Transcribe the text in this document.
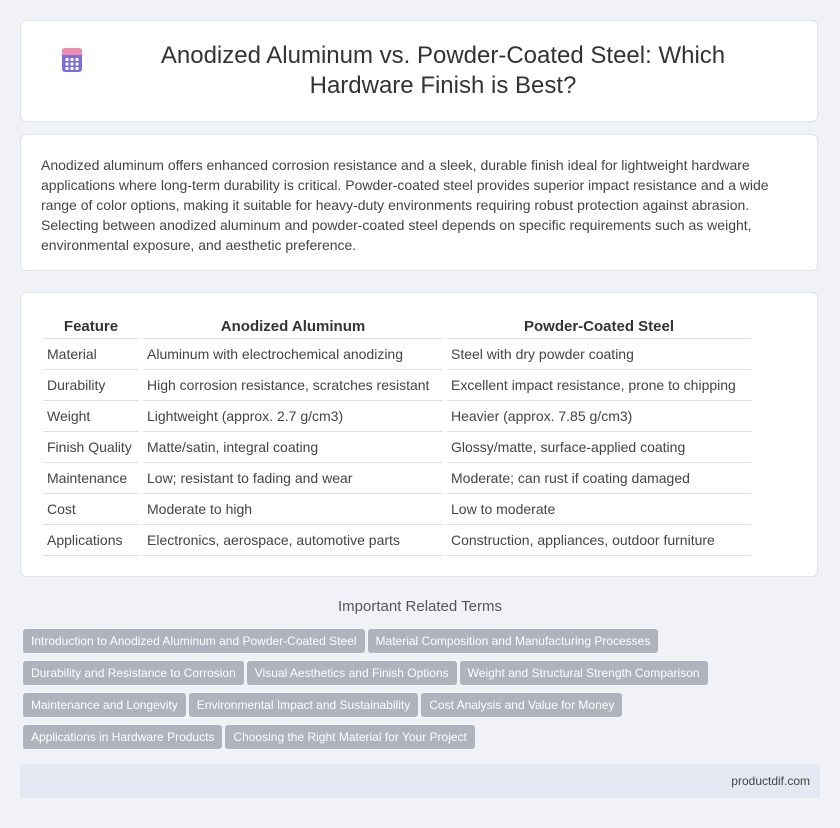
Anodized Aluminum vs. Powder-Coated Steel: Which Hardware Finish is Best?

Anodized aluminum offers enhanced corrosion resistance and a sleek, durable finish ideal for lightweight hardware applications where long-term durability is critical. Powder-coated steel provides superior impact resistance and a wide range of color options, making it suitable for heavy-duty environments requiring robust protection against abrasion. Selecting between anodized aluminum and powder-coated steel depends on specific requirements such as weight, environmental exposure, and aesthetic preference.

Feature	Anodized Aluminum	Powder-Coated Steel
Material	Aluminum with electrochemical anodizing	Steel with dry powder coating
Durability	High corrosion resistance, scratches resistant	Excellent impact resistance, prone to chipping
Weight	Lightweight (approx. 2.7 g/cm3)	Heavier (approx. 7.85 g/cm3)
Finish Quality	Matte/satin, integral coating	Glossy/matte, surface-applied coating
Maintenance	Low; resistant to fading and wear	Moderate; can rust if coating damaged
Cost	Moderate to high	Low to moderate
Applications	Electronics, aerospace, automotive parts	Construction, appliances, outdoor furniture
Important Related Terms
Introduction to Anodized Aluminum and Powder-Coated Steel Material Composition and Manufacturing Processes
Durability and Resistance to Corrosion Visual Aesthetics and Finish Options Weight and Structural Strength Comparison
Maintenance and Longevity Environmental Impact and Sustainability Cost Analysis and Value for Money
Applications in Hardware Products Choosing the Right Material for Your Project
productdif.com
